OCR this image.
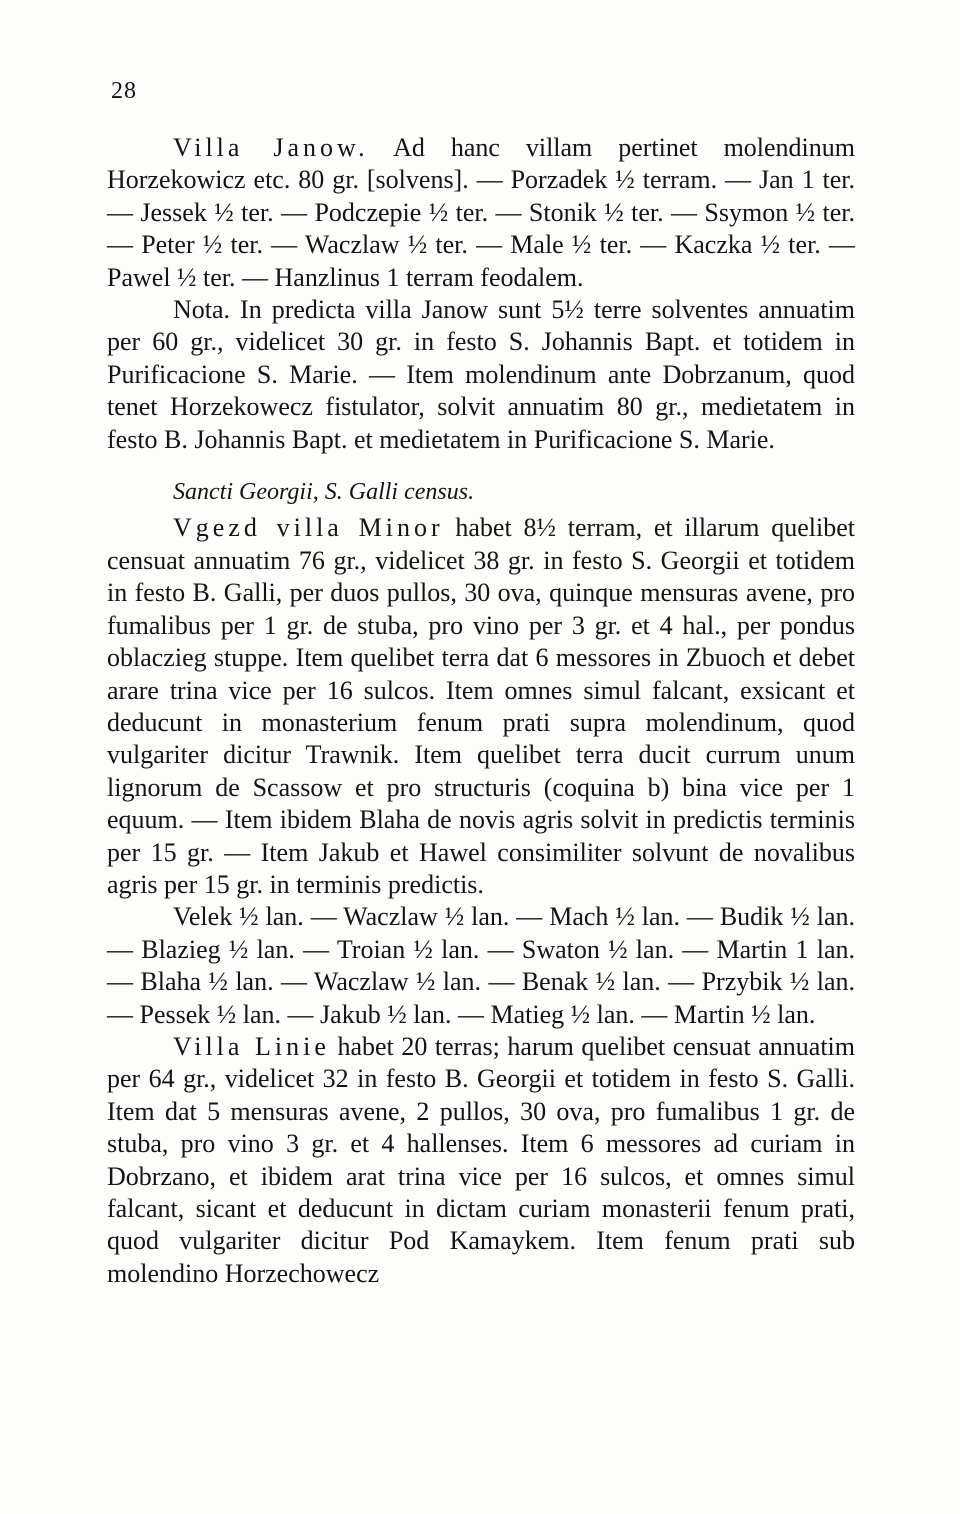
28

Villa Janow. Ad hanc villam pertinet molendinum Horzekowicz etc. 80 gr. [solvens]. — Porzadek ½ terram. — Jan 1 ter. — Jessek ½ ter. — Podczepie ½ ter. — Stonik ½ ter. — Ssymon ½ ter. — Peter ½ ter. — Waczlaw ½ ter. — Male ½ ter. — Kaczka ½ ter. — Pawel ½ ter. — Hanzlinus 1 terram feodalem.

Nota. In predicta villa Janow sunt 5½ terre solventes annuatim per 60 gr., videlicet 30 gr. in festo S. Johannis Bapt. et totidem in Purificacione S. Marie. — Item molendinum ante Dobrzanum, quod tenet Horzekowecz fistulator, solvit annuatim 80 gr., medietatem in festo B. Johannis Bapt. et medietatem in Purificacione S. Marie.

Sancti Georgii, S. Galli census.

Vgezd villa Minor habet 8½ terram, et illarum quelibet censuat annuatim 76 gr., videlicet 38 gr. in festo S. Georgii et totidem in festo B. Galli, per duos pullos, 30 ova, quinque mensuras avene, pro fumalibus per 1 gr. de stuba, pro vino per 3 gr. et 4 hal., per pondus oblaczieg stuppe. Item quelibet terra dat 6 messores in Zbuoch et debet arare trina vice per 16 sulcos. Item omnes simul falcant, exsicant et deducunt in monasterium fenum prati supra molendinum, quod vulgariter dicitur Trawnik. Item quelibet terra ducit currum unum lignorum de Scassow et pro structuris (coquina b) bina vice per 1 equum. — Item ibidem Blaha de novis agris solvit in predictis terminis per 15 gr. — Item Jakub et Hawel consimiliter solvunt de novalibus agris per 15 gr. in terminis predictis.

Velek ½ lan. — Waczlaw ½ lan. — Mach ½ lan. — Budik ½ lan. — Blazieg ½ lan. — Troian ½ lan. — Swaton ½ lan. — Martin 1 lan. — Blaha ½ lan. — Waczlaw ½ lan. — Benak ½ lan. — Przybik ½ lan. — Pessek ½ lan. — Jakub ½ lan. — Matieg ½ lan. — Martin ½ lan.

Villa Linie habet 20 terras; harum quelibet censuat annuatim per 64 gr., videlicet 32 in festo B. Georgii et totidem in festo S. Galli. Item dat 5 mensuras avene, 2 pullos, 30 ova, pro fumalibus 1 gr. de stuba, pro vino 3 gr. et 4 hallenses. Item 6 messores ad curiam in Dobrzano, et ibidem arat trina vice per 16 sulcos, et omnes simul falcant, sicant et deducunt in dictam curiam monasterii fenum prati, quod vulgariter dicitur Pod Kamaykem. Item fenum prati sub molendino Horzechowecz
